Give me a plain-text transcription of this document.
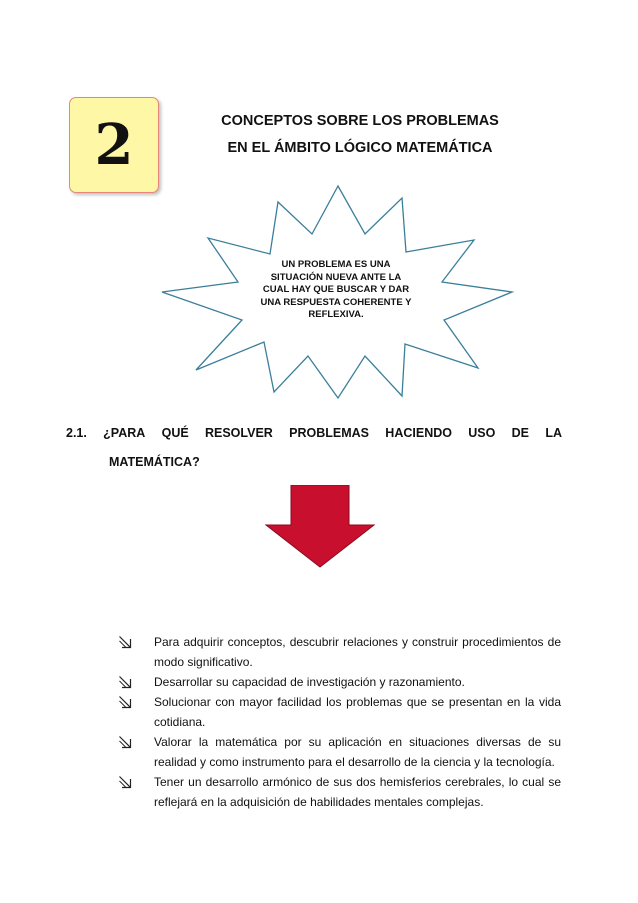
2	CONCEPTOS SOBRE LOS PROBLEMAS
EN EL ÁMBITO LÓGICO MATEMÁTICA
UN PROBLEMA ES UNA
SITUACIÓN NUEVA ANTE LA
CUAL HAY QUE BUSCAR Y DAR
UNA RESPUESTA COHERENTE Y
REFLEXIVA.
2.1. ¿PARA QUÉ RESOLVER PROBLEMAS HACIENDO USO DE LA
MATEMÁTICA?
Para adquirir conceptos, descubrir relaciones y construir procedimientos de modo significativo.
Desarrollar su capacidad de investigación y razonamiento.
Solucionar con mayor facilidad los problemas que se presentan en la vida cotidiana.
Valorar la matemática por su aplicación en situaciones diversas de su realidad y como instrumento para el desarrollo de la ciencia y la tecnología.
Tener un desarrollo armónico de sus dos hemisferios cerebrales, lo cual se reflejará en la adquisición de habilidades mentales complejas.
